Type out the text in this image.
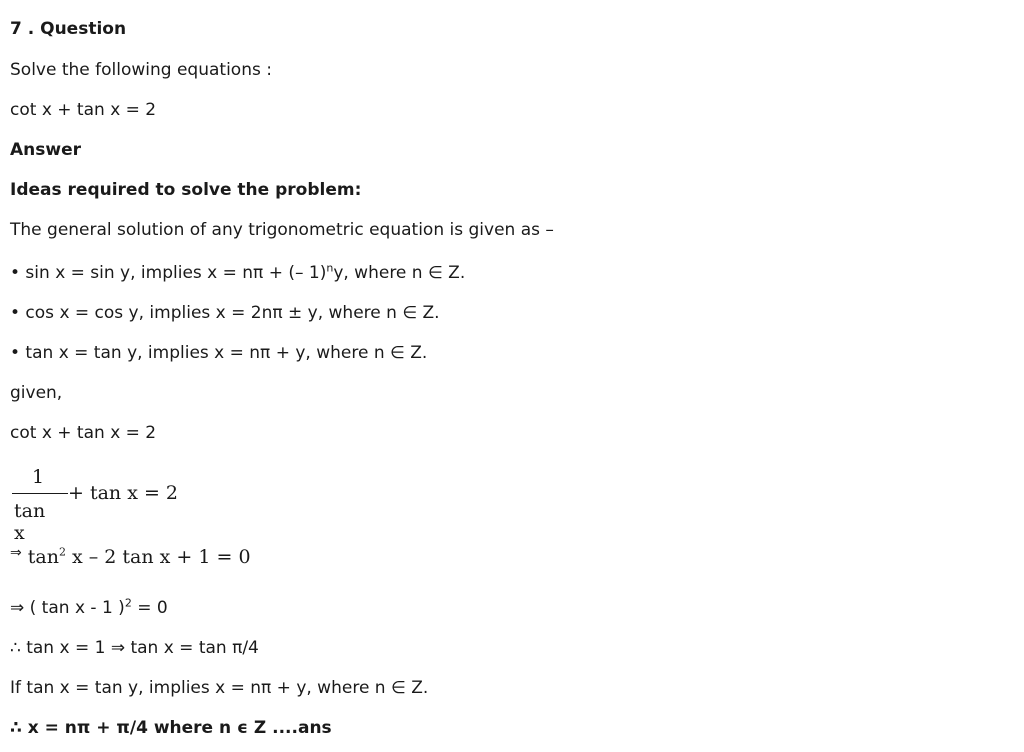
7 . Question
Solve the following equations :
cot x + tan x = 2
Answer
Ideas required to solve the problem:
The general solution of any trigonometric equation is given as –
• sin x = sin y, implies x = nπ + (– 1)$^n$y, where n ∈ Z.
• cos x = cos y, implies x = 2nπ ± y, where n ∈ Z.
• tan x = tan y, implies x = nπ + y, where n ∈ Z.
given,
cot x + tan x = 2
1
tan x
+ tan x = 2
⇒ $\tan^2 x - 2$ tan x + 1 = 0
⇒ ( tan x - 1 )$^2$ = 0
∴ tan x = 1 ⇒ tan x = tan π/4
If tan x = tan y, implies x = nπ + y, where n ∈ Z.
∴ x = nπ + π/4 where n ϵ Z ....ans
